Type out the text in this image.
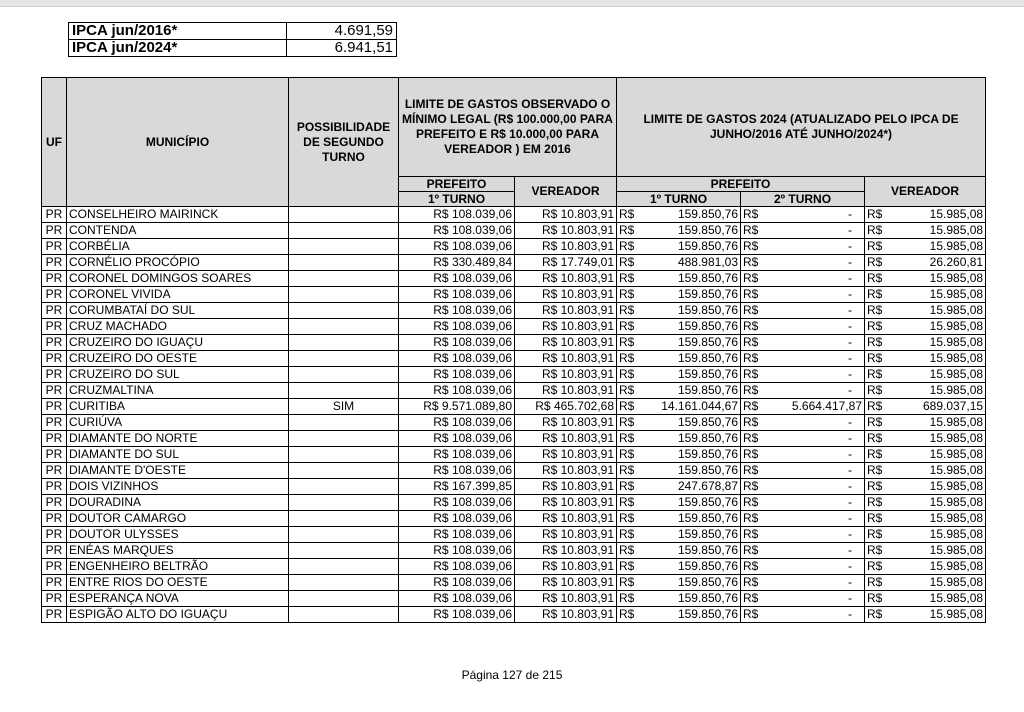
IPCA jun/2016*	4.691,59
IPCA jun/2024*	6.941,51
UF	MUNICÍPIO	POSSIBILIDADE DE SEGUNDO TURNO	LIMITE DE GASTOS OBSERVADO O MÍNIMO LEGAL (R$ 100.000,00 PARA PREFEITO E R$ 10.000,00 PARA VEREADOR ) EM 2016		LIMITE DE GASTOS 2024 (ATUALIZADO PELO IPCA DE JUNHO/2016 ATÉ JUNHO/2024*)					
			PREFEITO	VEREADOR	PREFEITO				VEREADOR	
			1º TURNO		1º TURNO		2º TURNO			
PR	CONSELHEIRO MAIRINCK		R$ 108.039,06	R$ 10.803,91	R$	159.850,76	R$	-	R$	15.985,08
PR	CONTENDA		R$ 108.039,06	R$ 10.803,91	R$	159.850,76	R$	-	R$	15.985,08
PR	CORBÉLIA		R$ 108.039,06	R$ 10.803,91	R$	159.850,76	R$	-	R$	15.985,08
PR	CORNÉLIO PROCÓPIO		R$ 330.489,84	R$ 17.749,01	R$	488.981,03	R$	-	R$	26.260,81
PR	CORONEL DOMINGOS SOARES		R$ 108.039,06	R$ 10.803,91	R$	159.850,76	R$	-	R$	15.985,08
PR	CORONEL VIVIDA		R$ 108.039,06	R$ 10.803,91	R$	159.850,76	R$	-	R$	15.985,08
PR	CORUMBATAÍ DO SUL		R$ 108.039,06	R$ 10.803,91	R$	159.850,76	R$	-	R$	15.985,08
PR	CRUZ MACHADO		R$ 108.039,06	R$ 10.803,91	R$	159.850,76	R$	-	R$	15.985,08
PR	CRUZEIRO DO IGUAÇU		R$ 108.039,06	R$ 10.803,91	R$	159.850,76	R$	-	R$	15.985,08
PR	CRUZEIRO DO OESTE		R$ 108.039,06	R$ 10.803,91	R$	159.850,76	R$	-	R$	15.985,08
PR	CRUZEIRO DO SUL		R$ 108.039,06	R$ 10.803,91	R$	159.850,76	R$	-	R$	15.985,08
PR	CRUZMALTINA		R$ 108.039,06	R$ 10.803,91	R$	159.850,76	R$	-	R$	15.985,08
PR	CURITIBA	SIM	R$ 9.571.089,80	R$ 465.702,68	R$	14.161.044,67	R$	5.664.417,87	R$	689.037,15
PR	CURIÚVA		R$ 108.039,06	R$ 10.803,91	R$	159.850,76	R$	-	R$	15.985,08
PR	DIAMANTE DO NORTE		R$ 108.039,06	R$ 10.803,91	R$	159.850,76	R$	-	R$	15.985,08
PR	DIAMANTE DO SUL		R$ 108.039,06	R$ 10.803,91	R$	159.850,76	R$	-	R$	15.985,08
PR	DIAMANTE D'OESTE		R$ 108.039,06	R$ 10.803,91	R$	159.850,76	R$	-	R$	15.985,08
PR	DOIS VIZINHOS		R$ 167.399,85	R$ 10.803,91	R$	247.678,87	R$	-	R$	15.985,08
PR	DOURADINA		R$ 108.039,06	R$ 10.803,91	R$	159.850,76	R$	-	R$	15.985,08
PR	DOUTOR CAMARGO		R$ 108.039,06	R$ 10.803,91	R$	159.850,76	R$	-	R$	15.985,08
PR	DOUTOR ULYSSES		R$ 108.039,06	R$ 10.803,91	R$	159.850,76	R$	-	R$	15.985,08
PR	ENÉAS MARQUES		R$ 108.039,06	R$ 10.803,91	R$	159.850,76	R$	-	R$	15.985,08
PR	ENGENHEIRO BELTRÃO		R$ 108.039,06	R$ 10.803,91	R$	159.850,76	R$	-	R$	15.985,08
PR	ENTRE RIOS DO OESTE		R$ 108.039,06	R$ 10.803,91	R$	159.850,76	R$	-	R$	15.985,08
PR	ESPERANÇA NOVA		R$ 108.039,06	R$ 10.803,91	R$	159.850,76	R$	-	R$	15.985,08
PR	ESPIGÃO ALTO DO IGUAÇU		R$ 108.039,06	R$ 10.803,91	R$	159.850,76	R$	-	R$	15.985,08
Página 127 de 215
